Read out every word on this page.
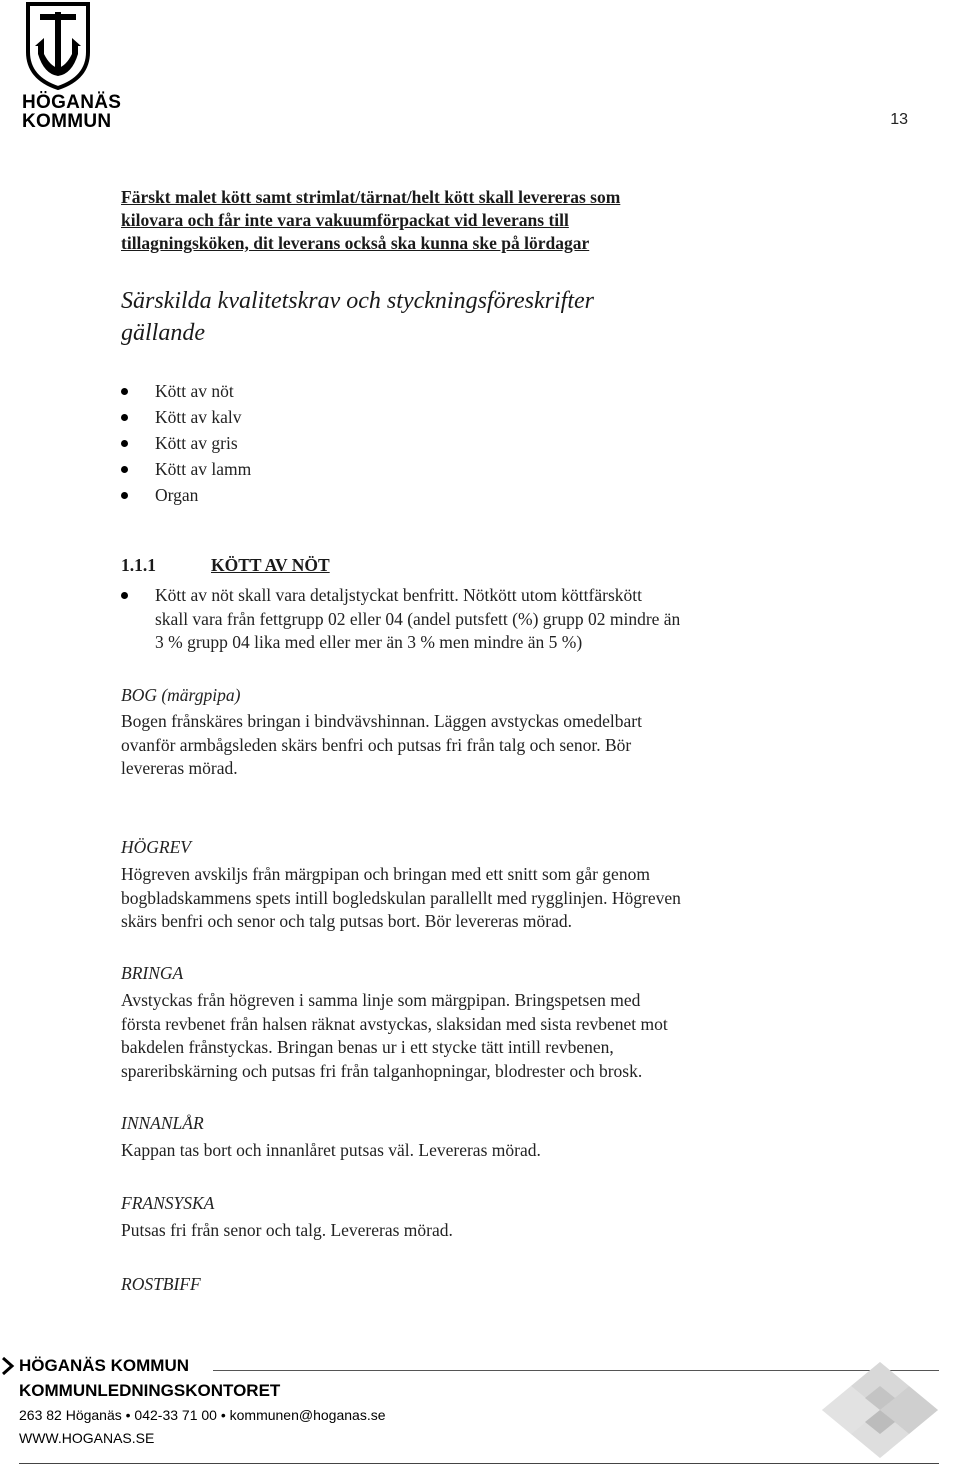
HÖGANÄS
KOMMUN	13
Färskt malet kött samt strimlat/tärnat/helt kött skall levereras som
kilovara och får inte vara vakuumförpackat vid leverans till
tillagningsköken, dit leverans också ska kunna ske på lördagar
Särskilda kvalitetskrav och styckningsföreskrifter
gällande
Kött av nöt
Kött av kalv
Kött av gris
Kött av lamm
Organ
1.1.1	KÖTT AV NÖT
Kött av nöt skall vara detaljstyckat benfritt. Nötkött utom köttfärskött
skall vara från fettgrupp 02 eller 04 (andel putsfett (%) grupp 02 mindre än
3 % grupp 04 lika med eller mer än 3 % men mindre än 5 %)
BOG (märgpipa)
Bogen frånskäres bringan i bindvävshinnan. Läggen avstyckas omedelbart
ovanför armbågsleden skärs benfri och putsas fri från talg och senor. Bör
levereras mörad.
HÖGREV
Högreven avskiljs från märgpipan och bringan med ett snitt som går genom
bogbladskammens spets intill bogledskulan parallellt med rygglinjen. Högreven
skärs benfri och senor och talg putsas bort. Bör levereras mörad.
BRINGA
Avstyckas från högreven i samma linje som märgpipan. Bringspetsen med
första revbenet från halsen räknat avstyckas, slaksidan med sista revbenet mot
bakdelen frånstyckas. Bringan benas ur i ett stycke tätt intill revbenen,
spareribskärning och putsas fri från talganhopningar, blodrester och brosk.
INNANLÅR
Kappan tas bort och innanlåret putsas väl. Levereras mörad.
FRANSYSKA
Putsas fri från senor och talg. Levereras mörad.
ROSTBIFF
HÖGANÄS KOMMUN
KOMMUNLEDNINGSKONTORET
263 82 Höganäs • 042-33 71 00 • kommunen@hoganas.se
WWW.HOGANAS.SE
